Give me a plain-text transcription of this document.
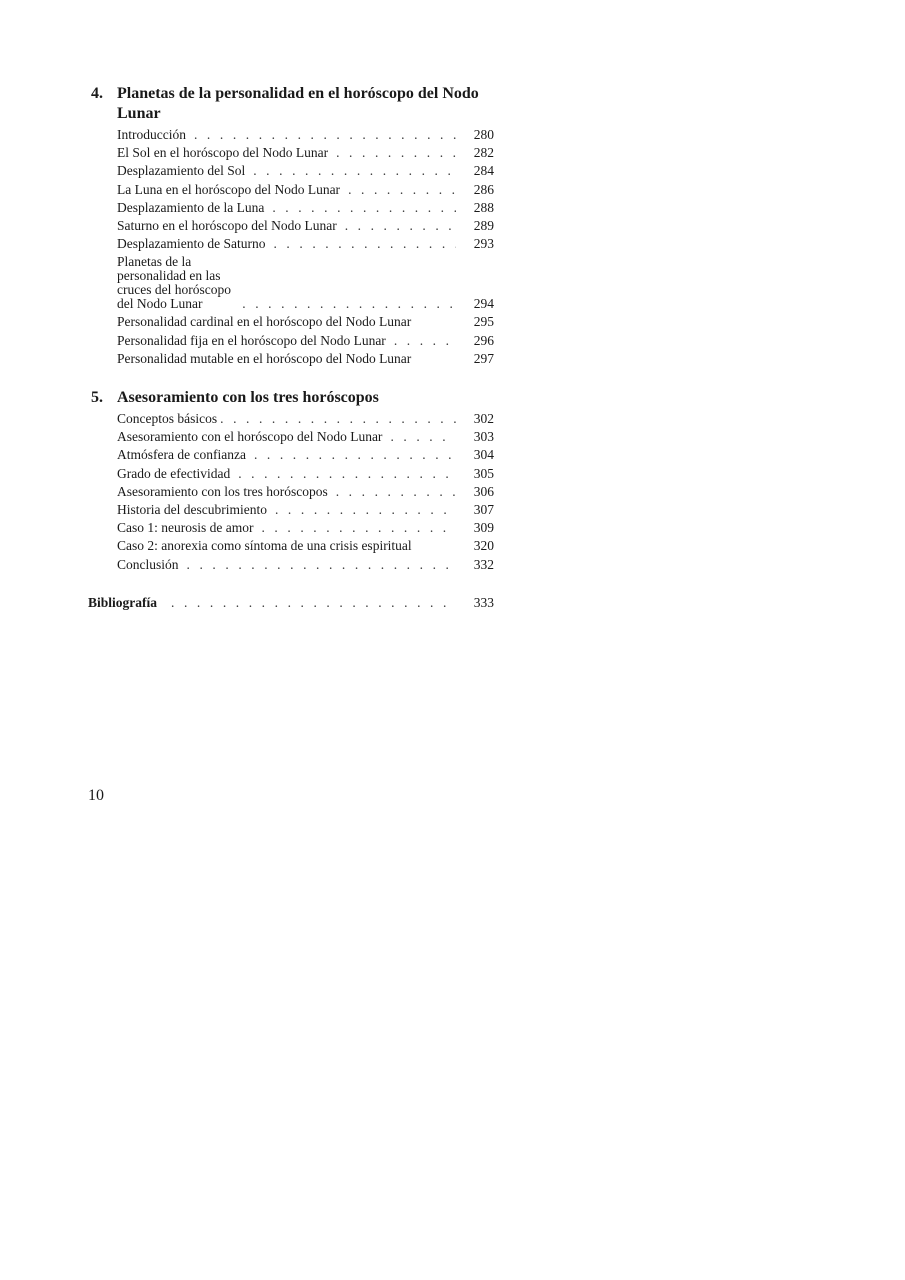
4. Planetas de la personalidad en el horóscopo del Nodo Lunar
Introducción . . .	280
El Sol en el horóscopo del Nodo Lunar . . .	282
Desplazamiento del Sol . . .	284
La Luna en el horóscopo del Nodo Lunar . . .	286
Desplazamiento de la Luna . . .	288
Saturno en el horóscopo del Nodo Lunar . . .	289
Desplazamiento de Saturno . . .	293
Planetas de la personalidad en las cruces del horóscopo del Nodo Lunar . . .	294
Personalidad cardinal en el horóscopo del Nodo Lunar	295
Personalidad fija en el horóscopo del Nodo Lunar . . .	296
Personalidad mutable en el horóscopo del Nodo Lunar	297
5. Asesoramiento con los tres horóscopos
Conceptos básicos . . .	302
Asesoramiento con el horóscopo del Nodo Lunar . . .	303
Atmósfera de confianza . . .	304
Grado de efectividad . . .	305
Asesoramiento con los tres horóscopos . . .	306
Historia del descubrimiento . . .	307
Caso 1: neurosis de amor . . .	309
Caso 2: anorexia como síntoma de una crisis espiritual	320
Conclusión . . .	332
Bibliografía . . .	333
10
